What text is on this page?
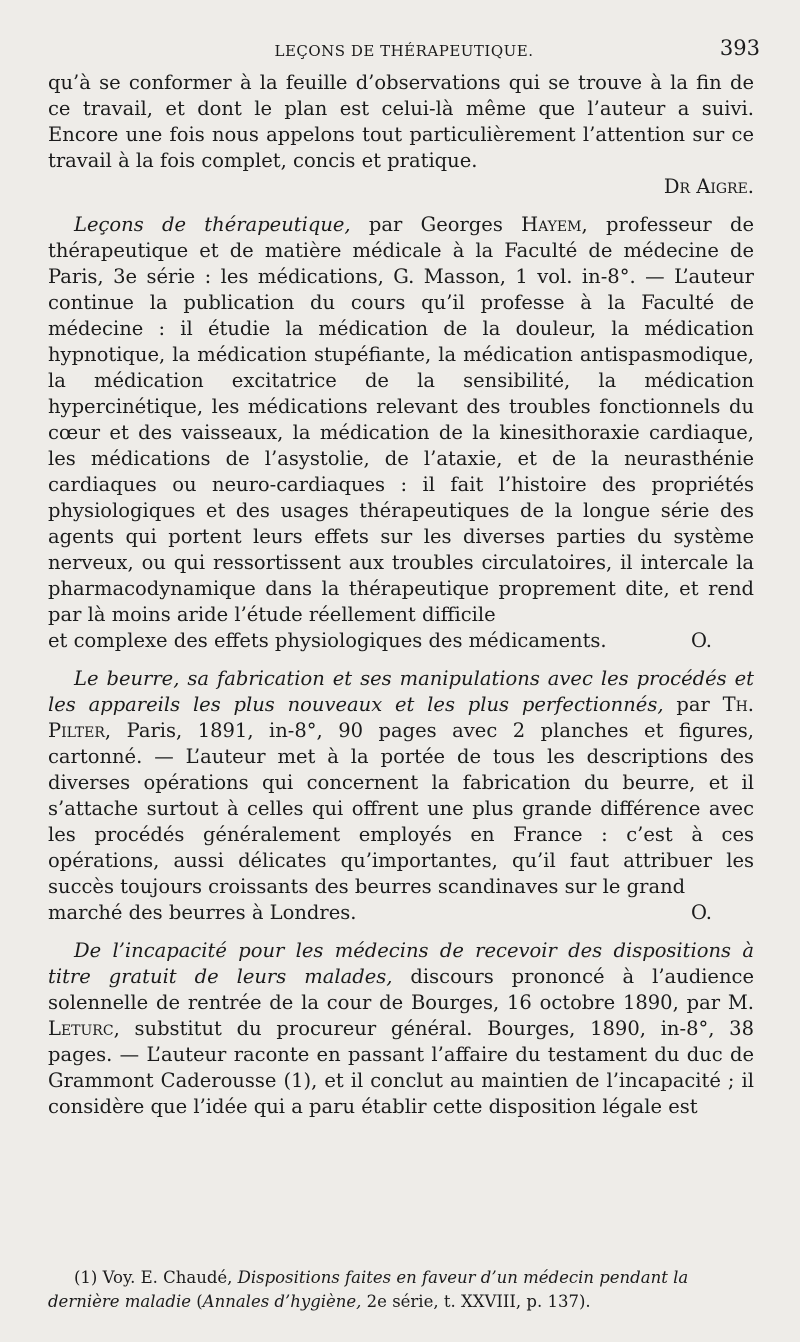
LEÇONS DE THÉRAPEUTIQUE.	393

qu’à se conformer à la feuille d’observations qui se trouve à la fin de ce travail, et dont le plan est celui-là même que l’auteur a suivi. Encore une fois nous appelons tout particulièrement l’attention sur ce travail à la fois complet, concis et pratique.

Dr Aigre.

Leçons de thérapeutique, par Georges Hayem, professeur de thérapeutique et de matière médicale à la Faculté de médecine de Paris, 3e série : les médications, G. Masson, 1 vol. in-8°. — L’auteur continue la publication du cours qu’il professe à la Faculté de médecine : il étudie la médication de la douleur, la médication hypnotique, la médication stupéfiante, la médication antispasmodique, la médication excitatrice de la sensibilité, la médication hypercinétique, les médications relevant des troubles fonctionnels du cœur et des vaisseaux, la médication de la kinesithoraxie cardiaque, les médications de l’asystolie, de l’ataxie, et de la neurasthénie cardiaques ou neuro-cardiaques : il fait l’histoire des propriétés physiologiques et des usages thérapeutiques de la longue série des agents qui portent leurs effets sur les diverses parties du système nerveux, ou qui ressortissent aux troubles circulatoires, il intercale la pharmacodynamique dans la thérapeutique proprement dite, et rend par là moins aride l’étude réellement difficile

et complexe des effets physiologiques des médicaments.	O.

Le beurre, sa fabrication et ses manipulations avec les procédés et les appareils les plus nouveaux et les plus perfectionnés, par Th. Pilter, Paris, 1891, in-8°, 90 pages avec 2 planches et figures, cartonné. — L’auteur met à la portée de tous les descriptions des diverses opérations qui concernent la fabrication du beurre, et il s’attache surtout à celles qui offrent une plus grande différence avec les procédés généralement employés en France : c’est à ces opérations, aussi délicates qu’importantes, qu’il faut attribuer les succès toujours croissants des beurres scandinaves sur le grand

marché des beurres à Londres.	O.

De l’incapacité pour les médecins de recevoir des dispositions à titre gratuit de leurs malades, discours prononcé à l’audience solennelle de rentrée de la cour de Bourges, 16 octobre 1890, par M. Leturc, substitut du procureur général. Bourges, 1890, in-8°, 38 pages. — L’auteur raconte en passant l’affaire du testament du duc de Grammont Caderousse (1), et il conclut au maintien de l’incapacité ; il considère que l’idée qui a paru établir cette disposition légale est

(1) Voy. E. Chaudé, Dispositions faites en faveur d’un médecin pendant la dernière maladie (Annales d’hygiène, 2e série, t. XXVIII, p. 137).
